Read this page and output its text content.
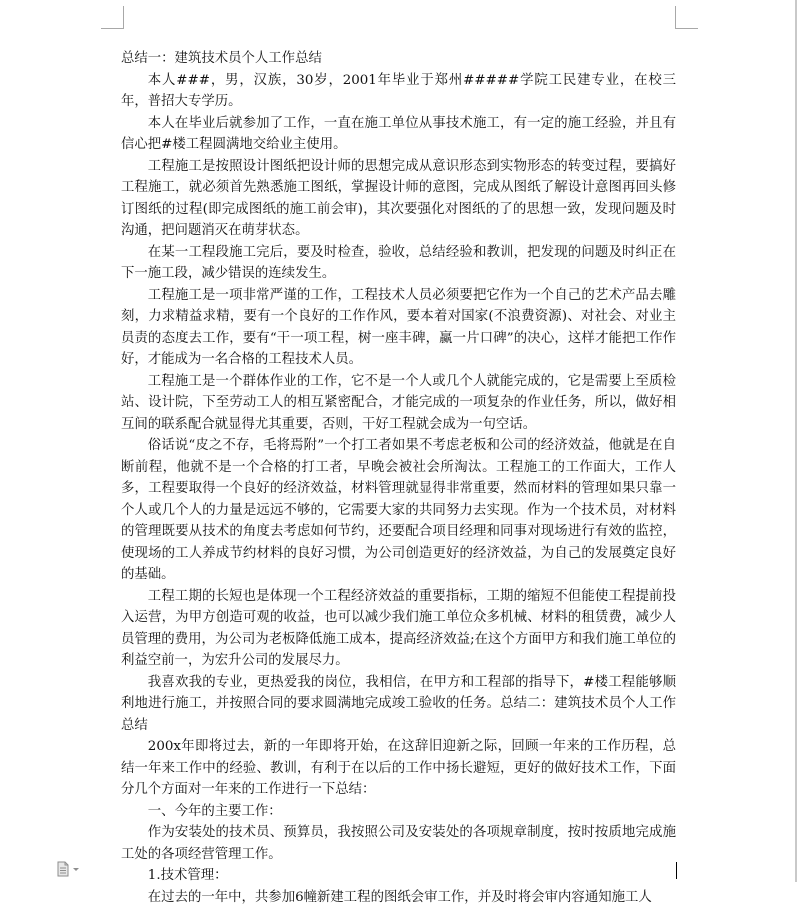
总结一：建筑技术员个人工作总结

本人###，男，汉族，30岁，2001年毕业于郑州#####学院工民建专业，在校三年，普招大专学历。

本人在毕业后就参加了工作，一直在施工单位从事技术施工，有一定的施工经验，并且有信心把#楼工程圆满地交给业主使用。

工程施工是按照设计图纸把设计师的思想完成从意识形态到实物形态的转变过程，要搞好工程施工，就必须首先熟悉施工图纸，掌握设计师的意图，完成从图纸了解设计意图再回头修订图纸的过程(即完成图纸的施工前会审)，其次要强化对图纸的了的思想一致，发现问题及时沟通，把问题消灭在萌芽状态。

在某一工程段施工完后，要及时检查，验收，总结经验和教训，把发现的问题及时纠正在下一施工段，减少错误的连续发生。

工程施工是一项非常严谨的工作，工程技术人员必须要把它作为一个自己的艺术产品去雕刻，力求精益求精，要有一个良好的工作作风，要本着对国家(不浪费资源)、对社会、对业主员责的态度去工作，要有“干一项工程，树一座丰碑，赢一片口碑”的决心，这样才能把工作作好，才能成为一名合格的工程技术人员。

工程施工是一个群体作业的工作，它不是一个人或几个人就能完成的，它是需要上至质检站、设计院，下至劳动工人的相互紧密配合，才能完成的一项复杂的作业任务，所以，做好相互间的联系配合就显得尤其重要，否则，干好工程就会成为一句空话。

俗话说“皮之不存，毛将焉附”一个打工者如果不考虑老板和公司的经济效益，他就是在自断前程，他就不是一个合格的打工者，早晚会被社会所淘汰。工程施工的工作面大，工作人多，工程要取得一个良好的经济效益，材料管理就显得非常重要，然而材料的管理如果只靠一个人或几个人的力量是远远不够的，它需要大家的共同努力去实现。作为一个技术员，对材料的管理既要从技术的角度去考虑如何节约，还要配合项目经理和同事对现场进行有效的监控，使现场的工人养成节约材料的良好习惯，为公司创造更好的经济效益，为自己的发展奠定良好的基础。

工程工期的长短也是体现一个工程经济效益的重要指标，工期的缩短不但能使工程提前投入运营，为甲方创造可观的收益，也可以减少我们施工单位众多机械、材料的租赁费，减少人员管理的费用，为公司为老板降低施工成本，提高经济效益;在这个方面甲方和我们施工单位的利益空前一，为宏升公司的发展尽力。

我喜欢我的专业，更热爱我的岗位，我相信，在甲方和工程部的指导下，#楼工程能够顺利地进行施工，并按照合同的要求圆满地完成竣工验收的任务。总结二：建筑技术员个人工作总结

200x年即将过去，新的一年即将开始，在这辞旧迎新之际，回顾一年来的工作历程，总结一年来工作中的经验、教训，有利于在以后的工作中扬长避短，更好的做好技术工作，下面分几个方面对一年来的工作进行一下总结：

一、今年的主要工作：

作为安装处的技术员、预算员，我按照公司及安装处的各项规章制度，按时按质地完成施工处的各项经营管理工作。

1.技术管理：

在过去的一年中，共参加6幢新建工程的图纸会审工作，并及时将会审内容通知施工人
